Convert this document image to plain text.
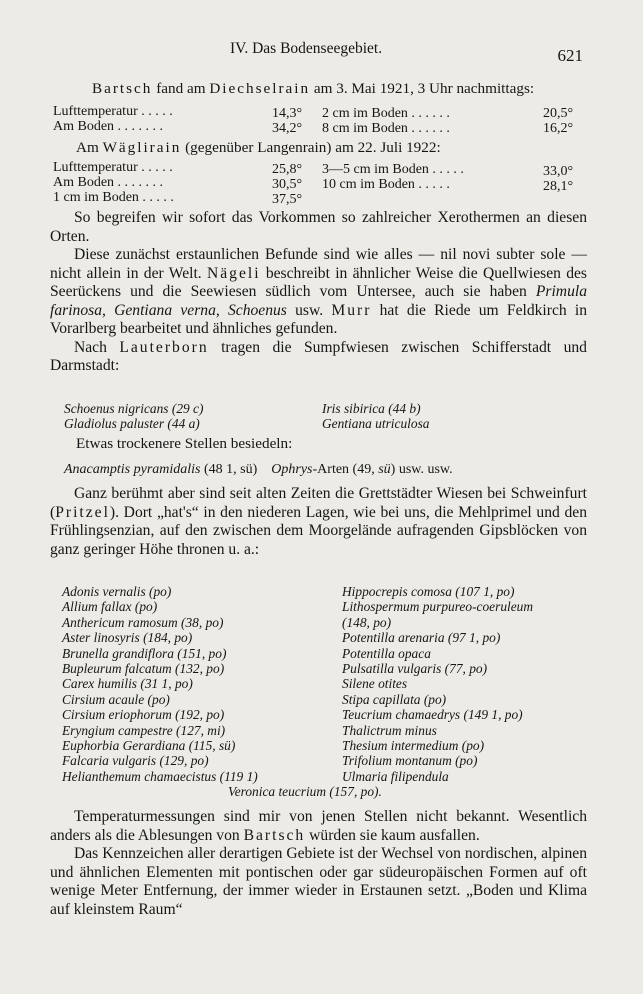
IV. Das Bodenseegebiet.	621
Bartsch fand am Diechselrain am 3. Mai 1921, 3 Uhr nachmittags:
Lufttemperatur . . . . .	14,3° 2 cm im Boden . . . . . .	20,5°
Am Boden . . . . . . .	34,2° 8 cm im Boden . . . . . .	16,2°
Am Wäglirain (gegenüber Langenrain) am 22. Juli 1922:
Lufttemperatur . . . . .	25,8° 3—5 cm im Boden . . . . .	33,0°
Am Boden . . . . . . .	30,5° 10 cm im Boden . . . . .	28,1°
1 cm im Boden . . . . .	37,5°

So begreifen wir sofort das Vorkommen so zahlreicher Xerothermen an diesen Orten.

Diese zunächst erstaunlichen Befunde sind wie alles — nil novi subter sole — nicht allein in der Welt. Nägeli beschreibt in ähnlicher Weise die Quellwiesen des Seerückens und die Seewiesen südlich vom Untersee, auch sie haben Primula farinosa, Gentiana verna, Schoenus usw. Murr hat die Riede um Feldkirch in Vorarlberg bearbeitet und ähnliches gefunden.

Nach Lauterborn tragen die Sumpfwiesen zwischen Schifferstadt und Darmstadt:

Schoenus nigricans (29 c)
Gladiolus paluster (44 a)
Iris sibirica (44 b)
Gentiana utriculosa
Etwas trockenere Stellen besiedeln:
Anacamptis pyramidalis (48 1, sü) Ophrys-Arten (49, sü) usw. usw.

Ganz berühmt aber sind seit alten Zeiten die Grettstädter Wiesen bei Schweinfurt (Pritzel). Dort „hat's“ in den niederen Lagen, wie bei uns, die Mehlprimel und den Frühlingsenzian, auf den zwischen dem Moorgelände aufragenden Gipsblöcken von ganz geringer Höhe thronen u. a.:

Adonis vernalis (po)
Allium fallax (po)
Anthericum ramosum (38, po)
Aster linosyris (184, po)
Brunella grandiflora (151, po)
Bupleurum falcatum (132, po)
Carex humilis (31 1, po)
Cirsium acaule (po)
Cirsium eriophorum (192, po)
Eryngium campestre (127, mi)
Euphorbia Gerardiana (115, sü)
Falcaria vulgaris (129, po)
Helianthemum chamaecistus (119 1)
Hippocrepis comosa (107 1, po)
Lithospermum purpureo-coeruleum
(148, po)
Potentilla arenaria (97 1, po)
Potentilla opaca
Pulsatilla vulgaris (77, po)
Silene otites
Stipa capillata (po)
Teucrium chamaedrys (149 1, po)
Thalictrum minus
Thesium intermedium (po)
Trifolium montanum (po)
Ulmaria filipendula
Veronica teucrium (157, po).

Temperaturmessungen sind mir von jenen Stellen nicht bekannt. Wesentlich anders als die Ablesungen von Bartsch würden sie kaum ausfallen.

Das Kennzeichen aller derartigen Gebiete ist der Wechsel von nordischen, alpinen und ähnlichen Elementen mit pontischen oder gar südeuropäischen Formen auf oft wenige Meter Entfernung, der immer wieder in Erstaunen setzt. „Boden und Klima auf kleinstem Raum“
